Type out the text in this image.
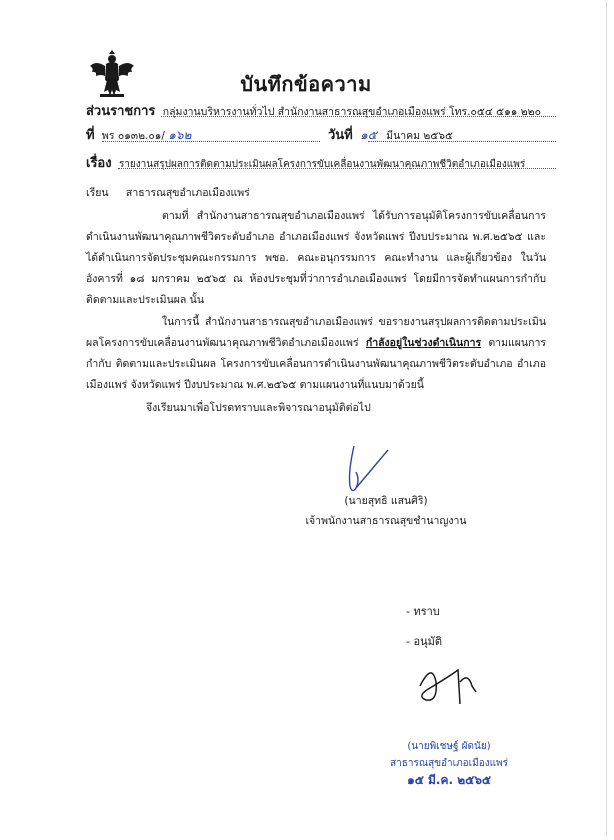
บันทึกข้อความ
ส่วนราชการ กลุ่มงานบริหารงานทั่วไป สำนักงานสาธารณสุขอำเภอเมืองแพร่ โทร.๐๕๔ ๕๑๑ ๒๒๐
ที่ พร ๐๑๓๒.๐๑/ ๑๖๒	วันที่ ๑๕ มีนาคม ๒๕๖๕
เรื่อง รายงานสรุปผลการติดตามประเมินผลโครงการขับเคลื่อนงานพัฒนาคุณภาพชีวิตอำเภอเมืองแพร่
เรียน สาธารณสุขอำเภอเมืองแพร่
ตามที่ สำนักงานสาธารณสุขอำเภอเมืองแพร่ ได้รับการอนุมัติโครงการขับเคลื่อนการดำเนินงานพัฒนาคุณภาพชีวิตระดับอำเภอ อำเภอเมืองแพร่ จังหวัดแพร่ ปีงบประมาณ พ.ศ.๒๕๖๕ และได้ดำเนินการจัดประชุมคณะกรรมการ พชอ. คณะอนุกรรมการ คณะทำงาน และผู้เกี่ยวข้อง ในวันอังคารที่ ๑๘ มกราคม ๒๕๖๕ ณ ห้องประชุมที่ว่าการอำเภอเมืองแพร่ โดยมีการจัดทำแผนการกำกับ ติดตามและประเมินผล นั้น
ในการนี้ สำนักงานสาธารณสุขอำเภอเมืองแพร่ ขอรายงานสรุปผลการติดตามประเมินผลโครงการขับเคลื่อนงานพัฒนาคุณภาพชีวิตอำเภอเมืองแพร่ กำลังอยู่ในช่วงดำเนินการ ตามแผนการกำกับ ติดตามและประเมินผล โครงการขับเคลื่อนการดำเนินงานพัฒนาคุณภาพชีวิตระดับอำเภอ อำเภอเมืองแพร่ จังหวัดแพร่ ปีงบประมาณ พ.ศ.๒๕๖๕ ตามแผนงานที่แนบมาด้วยนี้
จึงเรียนมาเพื่อโปรดทราบและพิจารณาอนุมัติต่อไป
(นายสุทธิ แสนศิริ)
เจ้าพนักงานสาธารณสุขชำนาญงาน
- ทราบ
- อนุมัติ
(นายพิเชษฐ์ ผัดนัย)
สาธารณสุขอำเภอเมืองแพร่
๑๕ มี.ค. ๒๕๖๕
